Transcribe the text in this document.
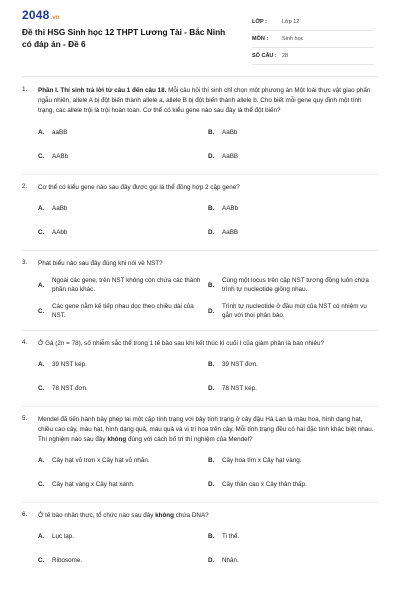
2048.vn
Đề thi HSG Sinh học 12 THPT Lương Tài - Bắc Ninh có đáp án - Đề 6
LỚP :	Lớp 12
MÔN :	Sinh học
SỐ CÂU : 28
1.	Phần I. Thí sinh trả lời từ câu 1 đến câu 18. Mỗi câu hỏi thí sinh chỉ chọn một phương án Một loài thực vật giao phấn ngẫu nhiên, allele A bị đột biến thành allele a, allele B bị đột biến thành allele b. Cho biết mỗi gene quy định một tính trạng, các allele trội là trội hoàn toàn. Cơ thể có kiểu gene nào sau đây là thể đột biến?
A.	aaBB	B.	AaBb
C.	AABb	D.	AaBB
2.	Cơ thể có kiểu gene nào sau đây được gọi là thể đồng hợp 2 cặp gene?
A.	AaBb	B.	AABb
C.	AAbb	D.	AaBB
3.	Phát biểu nào sau đây đúng khi nói về NST?
A.
Ngoài các gene, trên NST không còn chứa các thành phần nào khác.
B.
Cùng một locus trên cặp NST tương đồng luôn chứa trình tự nucleotide giống nhau.
C.
Các gene nằm kế tiếp nhau dọc theo chiều dài của NST.
D.
Trình tự nucleotide ở đầu mút của NST có nhiệm vụ gắn với thoi phân bào.
4.	Ở Gà (2n = 78), số nhiễm sắc thể trong 1 tế bào sau khi kết thúc kì cuối I của giảm phân là bao nhiêu?
A.	39 NST kép.	B.	39 NST đơn.
C.	78 NST đơn.	D.	78 NST kép.
5.	Mendel đã tiến hành bảy phép lai một cặp tính trạng với bảy tính trạng ở cây đậu Hà Lan là màu hoa, hình dạng hạt, chiều cao cây, màu hạt, hình dạng quả, màu quả và vị trí hoa trên cây. Mỗi tính trạng đều có hai đặc tính khác biệt nhau. Thí nghiệm nào sau đây không đúng với cách bố trí thí nghiệm của Mendel?
A.	Cây hạt vỏ trơn x Cây hạt vỏ nhăn.	B.	Cây hoa tím x Cây hạt vàng.
C.	Cây hạt vàng x Cây hạt xanh.	D.	Cây thân cao x Cây thân thấp.
6.	Ở tế bào nhân thực, tổ chức nào sau đây không chứa DNA?
A.	Lục lạp.	B.	Ti thể.
C.	Ribosome.	D.	Nhân.
